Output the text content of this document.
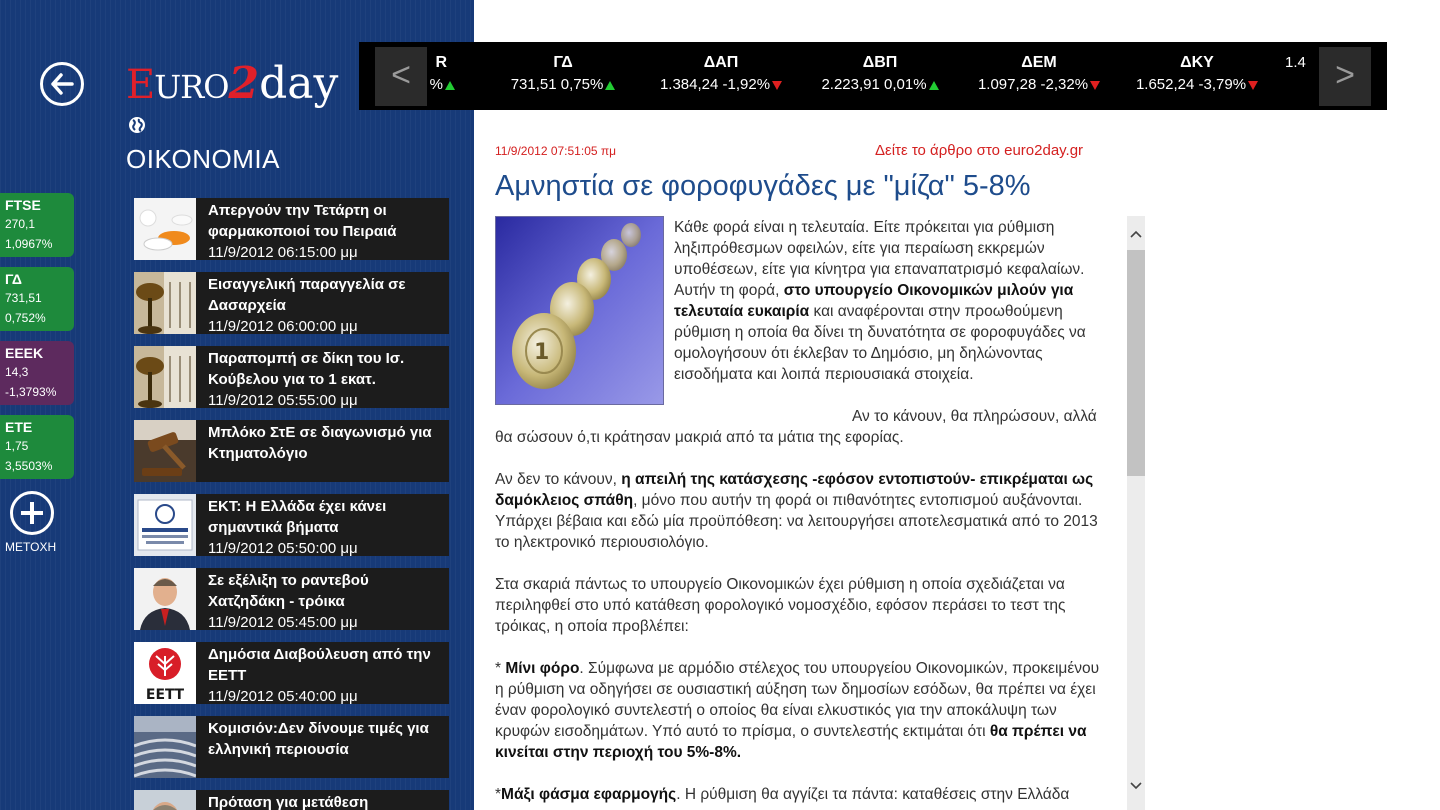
EURO2day
ΟΙΚΟΝΟΜΙΑ
FTSE
270,1
1,0967%
ΓΔ
731,51
0,752%
ΕΕΕΚ
14,3
-1,3793%
ΕΤΕ
1,75
3,5503%
ΜΕΤΟΧΗ
Απεργούν την Τετάρτη οι φαρμακοποιοί του Πειραιά
11/9/2012 06:15:00 μμ
Εισαγγελική παραγγελία σε Δασαρχεία
11/9/2012 06:00:00 μμ
Παραπομπή σε δίκη του Ισ. Κούβελου για το 1 εκατ.
11/9/2012 05:55:00 μμ
Μπλόκο ΣτΕ σε διαγωνισμό για Κτηματολόγιο
ΕΚΤ: Η Ελλάδα έχει κάνει σημαντικά βήματα
11/9/2012 05:50:00 μμ
Σε εξέλιξη το ραντεβού Χατζηδάκη - τρόικα
11/9/2012 05:45:00 μμ
ΕΕΤΤ
Δημόσια Διαβούλευση από την ΕΕΤΤ
11/9/2012 05:40:00 μμ
Κομισιόν:Δεν δίνουμε τιμές για ελληνική περιουσία
Πρόταση για μετάθεση
R
%
ΓΔ
731,51 0,75%
ΔΑΠ
1.384,24 -1,92%
ΔΒΠ
2.223,91 0,01%
ΔΕΜ
1.097,28 -2,32%
ΔΚΥ
1.652,24 -3,79%
1.4
<	>
11/9/2012 07:51:05 πμ	Δείτε το άρθρο στο euro2day.gr
Αμνηστία σε φοροφυγάδες με "μίζα" 5-8%
1

Κάθε φορά είναι η τελευταία. Είτε πρόκειται για ρύθμιση ληξιπρόθεσμων οφειλών, είτε για περαίωση εκκρεμών υποθέσεων, είτε για κίνητρα για επαναπατρισμό κεφαλαίων. Αυτήν τη φορά, στο υπουργείο Οικονομικών μιλούν για τελευταία ευκαιρία και αναφέρονται στην προωθούμενη ρύθμιση η οποία θα δίνει τη δυνατότητα σε φοροφυγάδες να ομολογήσουν ότι έκλεβαν το Δημόσιο, μη δηλώνοντας εισοδήματα και λοιπά περιουσιακά στοιχεία.

Αν το κάνουν, θα πληρώσουν, αλλά θα σώσουν ό,τι κράτησαν μακριά από τα μάτια της εφορίας.

Αν δεν το κάνουν, η απειλή της κατάσχεσης -εφόσον εντοπιστούν- επικρέμαται ως δαμόκλειος σπάθη, μόνο που αυτήν τη φορά οι πιθανότητες εντοπισμού αυξάνονται. Υπάρχει βέβαια και εδώ μία προϋπόθεση: να λειτουργήσει αποτελεσματικά από το 2013 το ηλεκτρονικό περιουσιολόγιο.

Στα σκαριά πάντως το υπουργείο Οικονομικών έχει ρύθμιση η οποία σχεδιάζεται να περιληφθεί στο υπό κατάθεση φορολογικό νομοσχέδιο, εφόσον περάσει το τεστ της τρόικας, η οποία προβλέπει:

* Μίνι φόρο. Σύμφωνα με αρμόδιο στέλεχος του υπουργείου Οικονομικών, προκειμένου η ρύθμιση να οδηγήσει σε ουσιαστική αύξηση των δημοσίων εσόδων, θα πρέπει να έχει έναν φορολογικό συντελεστή ο οποίος θα είναι ελκυστικός για την αποκάλυψη των κρυφών εισοδημάτων. Υπό αυτό το πρίσμα, ο συντελεστής εκτιμάται ότι θα πρέπει να κινείται στην περιοχή του 5%-8%.

*Μάξι φάσμα εφαρμογής. Η ρύθμιση θα αγγίζει τα πάντα: καταθέσεις στην Ελλάδα
